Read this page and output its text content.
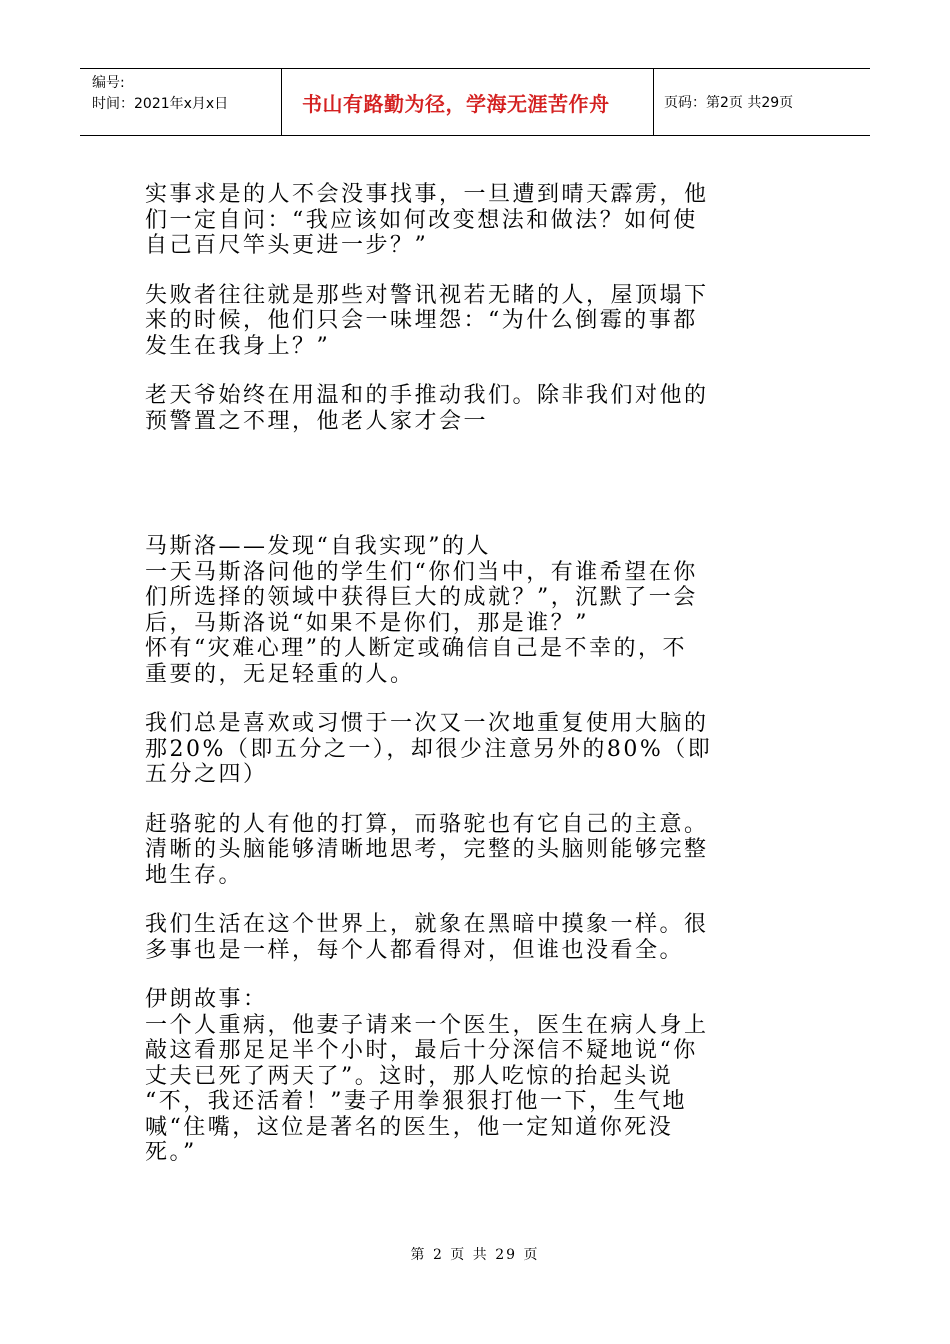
编号:
时间：2021年x月x日	书山有路勤为径，学海无涯苦作舟	页码：第2页 共29页
实事求是的人不会没事找事，一旦遭到晴天霹雳，他
们一定自问：“我应该如何改变想法和做法？如何使
自己百尺竿头更进一步？”
失败者往往就是那些对警讯视若无睹的人，屋顶塌下
来的时候，他们只会一味埋怨：“为什么倒霉的事都
发生在我身上？”
老天爷始终在用温和的手推动我们。除非我们对他的
预警置之不理，他老人家才会一
马斯洛——发现“自我实现”的人
一天马斯洛问他的学生们“你们当中，有谁希望在你
们所选择的领域中获得巨大的成就？”，沉默了一会
后，马斯洛说“如果不是你们，那是谁？”
怀有“灾难心理”的人断定或确信自己是不幸的，不
重要的，无足轻重的人。
我们总是喜欢或习惯于一次又一次地重复使用大脑的
那20%（即五分之一），却很少注意另外的80%（即
五分之四）
赶骆驼的人有他的打算，而骆驼也有它自己的主意。
清晰的头脑能够清晰地思考，完整的头脑则能够完整
地生存。
我们生活在这个世界上，就象在黑暗中摸象一样。很
多事也是一样，每个人都看得对，但谁也没看全。
伊朗故事：
一个人重病，他妻子请来一个医生，医生在病人身上
敲这看那足足半个小时，最后十分深信不疑地说“你
丈夫已死了两天了”。这时，那人吃惊的抬起头说
“不，我还活着！”妻子用拳狠狠打他一下，生气地
喊“住嘴，这位是著名的医生，他一定知道你死没
死。”
第 2 页 共 29 页
